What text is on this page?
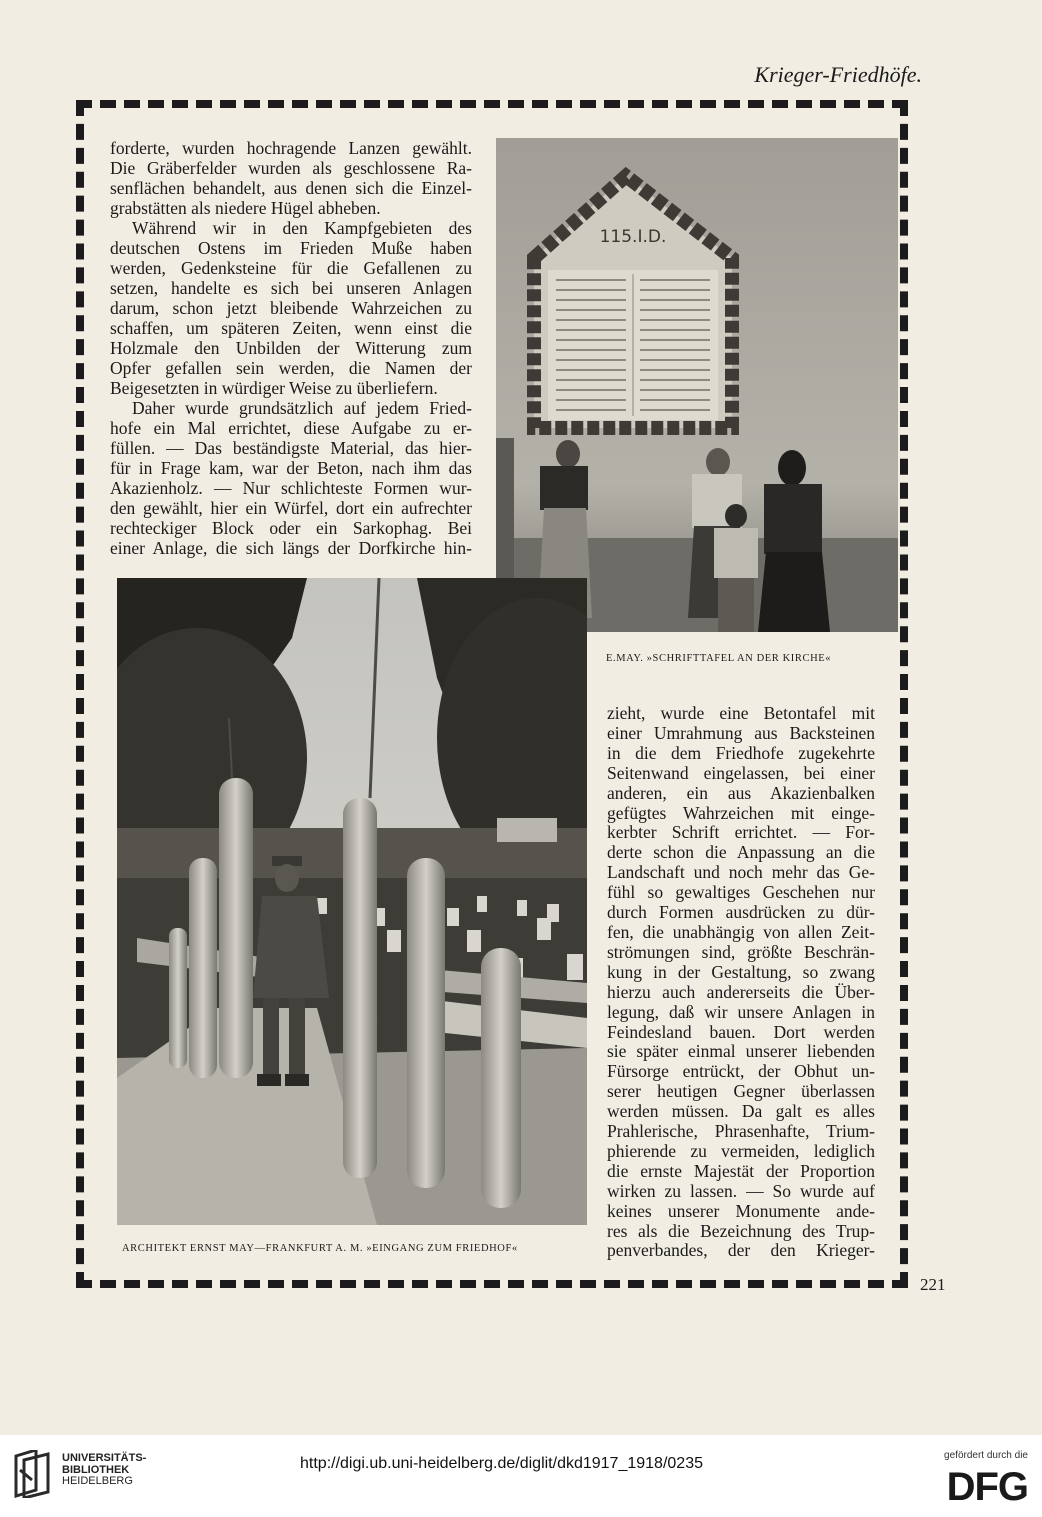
Krieger-Friedhöfe.
221

forderte, wurden hochragende Lanzen gewählt.

Die Gräberfelder wurden als geschlossene Ra-

senflächen behandelt, aus denen sich die Einzel-

grabstätten als niedere Hügel abheben.

Während wir in den Kampfgebieten des

deutschen Ostens im Frieden Muße haben

werden, Gedenksteine für die Gefallenen zu

setzen, handelte es sich bei unseren Anlagen

darum, schon jetzt bleibende Wahrzeichen zu

schaffen, um späteren Zeiten, wenn einst die

Holzmale den Unbilden der Witterung zum

Opfer gefallen sein werden, die Namen der

Beigesetzten in würdiger Weise zu überliefern.

Daher wurde grundsätzlich auf jedem Fried-

hofe ein Mal errichtet, diese Aufgabe zu er-

füllen. — Das beständigste Material, das hier-

für in Frage kam, war der Beton, nach ihm das

Akazienholz. — Nur schlichteste Formen wur-

den gewählt, hier ein Würfel, dort ein aufrechter

rechteckiger Block oder ein Sarkophag. Bei

einer Anlage, die sich längs der Dorfkirche hin-

115.I.D.
E.MAY. »SCHRIFTTAFEL AN DER KIRCHE«
ARCHITEKT ERNST MAY—FRANKFURT A. M. »EINGANG ZUM FRIEDHOF«

zieht, wurde eine Betontafel mit

einer Umrahmung aus Backsteinen

in die dem Friedhofe zugekehrte

Seitenwand eingelassen, bei einer

anderen, ein aus Akazienbalken

gefügtes Wahrzeichen mit einge-

kerbter Schrift errichtet. — For-

derte schon die Anpassung an die

Landschaft und noch mehr das Ge-

fühl so gewaltiges Geschehen nur

durch Formen ausdrücken zu dür-

fen, die unabhängig von allen Zeit-

strömungen sind, größte Beschrän-

kung in der Gestaltung, so zwang

hierzu auch andererseits die Über-

legung, daß wir unsere Anlagen in

Feindesland bauen. Dort werden

sie später einmal unserer liebenden

Fürsorge entrückt, der Obhut un-

serer heutigen Gegner überlassen

werden müssen. Da galt es alles

Prahlerische, Phrasenhafte, Trium-

phierende zu vermeiden, lediglich

die ernste Majestät der Proportion

wirken zu lassen. — So wurde auf

keines unserer Monumente ande-

res als die Bezeichnung des Trup-

penverbandes, der den Krieger-

UNIVERSITÄTS-
BIBLIOTHEK
HEIDELBERG
http://digi.ub.uni-heidelberg.de/diglit/dkd1917_1918/0235	gefördert durch die
DFG
